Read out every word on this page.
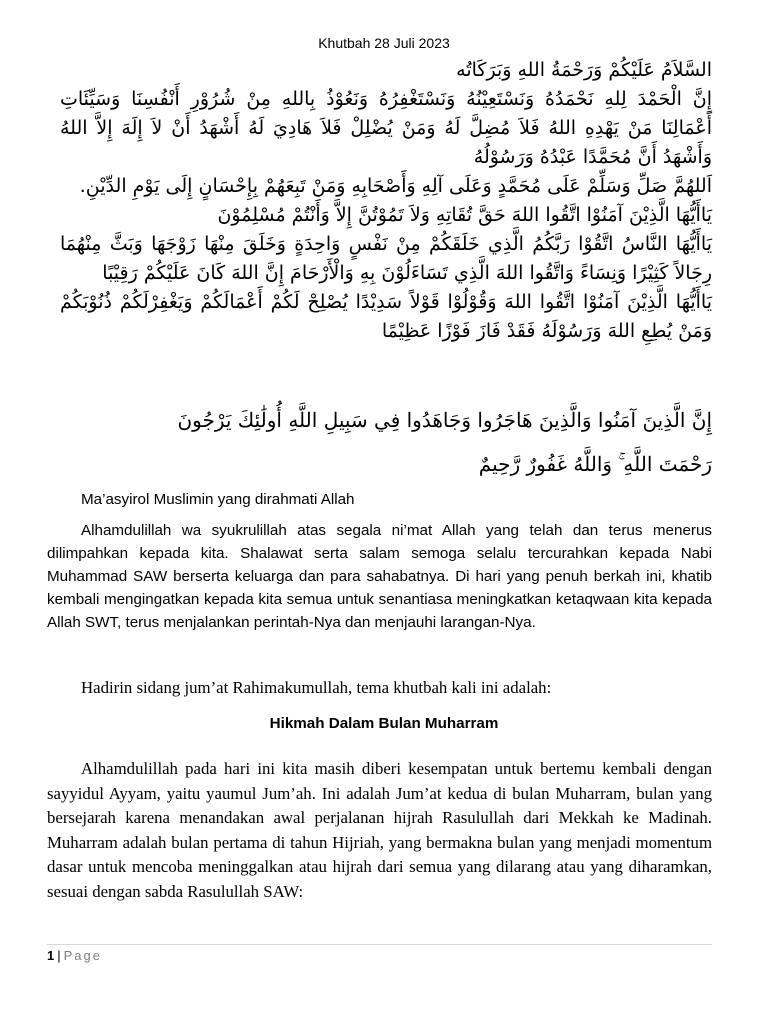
Khutbah 28 Juli 2023

السَّلاَمُ عَلَيْكُمْ وَرَحْمَةُ اللهِ وَبَرَكَاتُه

إِنَّ الْحَمْدَ لِلهِ نَحْمَدُهُ وَنَسْتَعِيْنُهُ وَنَسْتَغْفِرُهُ وَنَعُوْذُ بِاللهِ مِنْ شُرُوْرِ أَنْفُسِنَا وَسَيِّئَاتِ أَعْمَالِنَا مَنْ يَهْدِهِ اللهُ فَلاَ مُضِلَّ لَهُ وَمَنْ يُضْلِلْ فَلاَ هَادِيَ لَهُ أَشْهَدُ أَنْ لاَ إِلَهَ إِلاَّ اللهُ وَأَشْهَدُ أَنَّ مُحَمَّدًا عَبْدُهُ وَرَسُوْلُهُ

اَللهُمَّ صَلِّ وَسَلِّمْ عَلَى مُحَمَّدٍ وَعَلَى آلِهِ وَأَصْحَابِهِ وَمَنْ تَبِعَهُمْ بِإِحْسَانٍ إِلَى يَوْمِ الدِّيْنِ.

يَاأَيُّهَا الَّذِيْنَ آمَنُوْا اتَّقُوا اللهَ حَقَّ تُقَاتِهِ وَلاَ تَمُوْتُنَّ إِلاَّ وَأَنْتُمْ مُسْلِمُوْنَ

يَاأَيُّهَا النَّاسُ اتَّقُوْا رَبَّكُمُ الَّذِي خَلَقَكُمْ مِنْ نَفْسٍ وَاحِدَةٍ وَخَلَقَ مِنْهَا زَوْجَهَا وَبَثَّ مِنْهُمَا رِجَالاً كَثِيْرًا وَنِسَاءً وَاتَّقُوا اللهَ الَّذِي تَسَاءَلُوْنَ بِهِ وَالْأَرْحَامَ إِنَّ اللهَ كَانَ عَلَيْكُمْ رَقِيْبًا

يَاأَيُّهَا الَّذِيْنَ آمَنُوْا اتَّقُوا اللهَ وَقُوْلُوْا قَوْلاً سَدِيْدًا يُصْلِحْ لَكُمْ أَعْمَالَكُمْ وَيَغْفِرْلَكُمْ ذُنُوْبَكُمْ وَمَنْ يُطِعِ اللهَ وَرَسُوْلَهُ فَقَدْ فَازَ فَوْزًا عَظِيْمًا

إِنَّ الَّذِينَ آمَنُوا وَالَّذِينَ هَاجَرُوا وَجَاهَدُوا فِي سَبِيلِ اللَّهِ أُولَٰئِكَ يَرْجُونَ

رَحْمَتَ اللَّهِ ۚ وَاللَّهُ غَفُورٌ رَّحِيمٌ

Ma’asyirol Muslimin yang dirahmati Allah

Alhamdulillah wa syukrulillah atas segala ni’mat Allah yang telah dan terus menerus dilimpahkan kepada kita. Shalawat serta salam semoga selalu tercurahkan kepada Nabi Muhammad SAW berserta keluarga dan para sahabatnya. Di hari yang penuh berkah ini, khatib kembali mengingatkan kepada kita semua untuk senantiasa meningkatkan ketaqwaan kita kepada Allah SWT, terus menjalankan perintah-Nya dan menjauhi larangan-Nya.

Hadirin sidang jum’at Rahimakumullah, tema khutbah kali ini adalah:

Hikmah Dalam Bulan Muharram

Alhamdulillah pada hari ini kita masih diberi kesempatan untuk bertemu kembali dengan sayyidul Ayyam, yaitu yaumul Jum’ah. Ini adalah Jum’at kedua di bulan Muharram, bulan yang bersejarah karena menandakan awal perjalanan hijrah Rasulullah dari Mekkah ke Madinah. Muharram adalah bulan pertama di tahun Hijriah, yang bermakna bulan yang menjadi momentum dasar untuk mencoba meninggalkan atau hijrah dari semua yang dilarang atau yang diharamkan, sesuai dengan sabda Rasulullah SAW:

1 | Page
